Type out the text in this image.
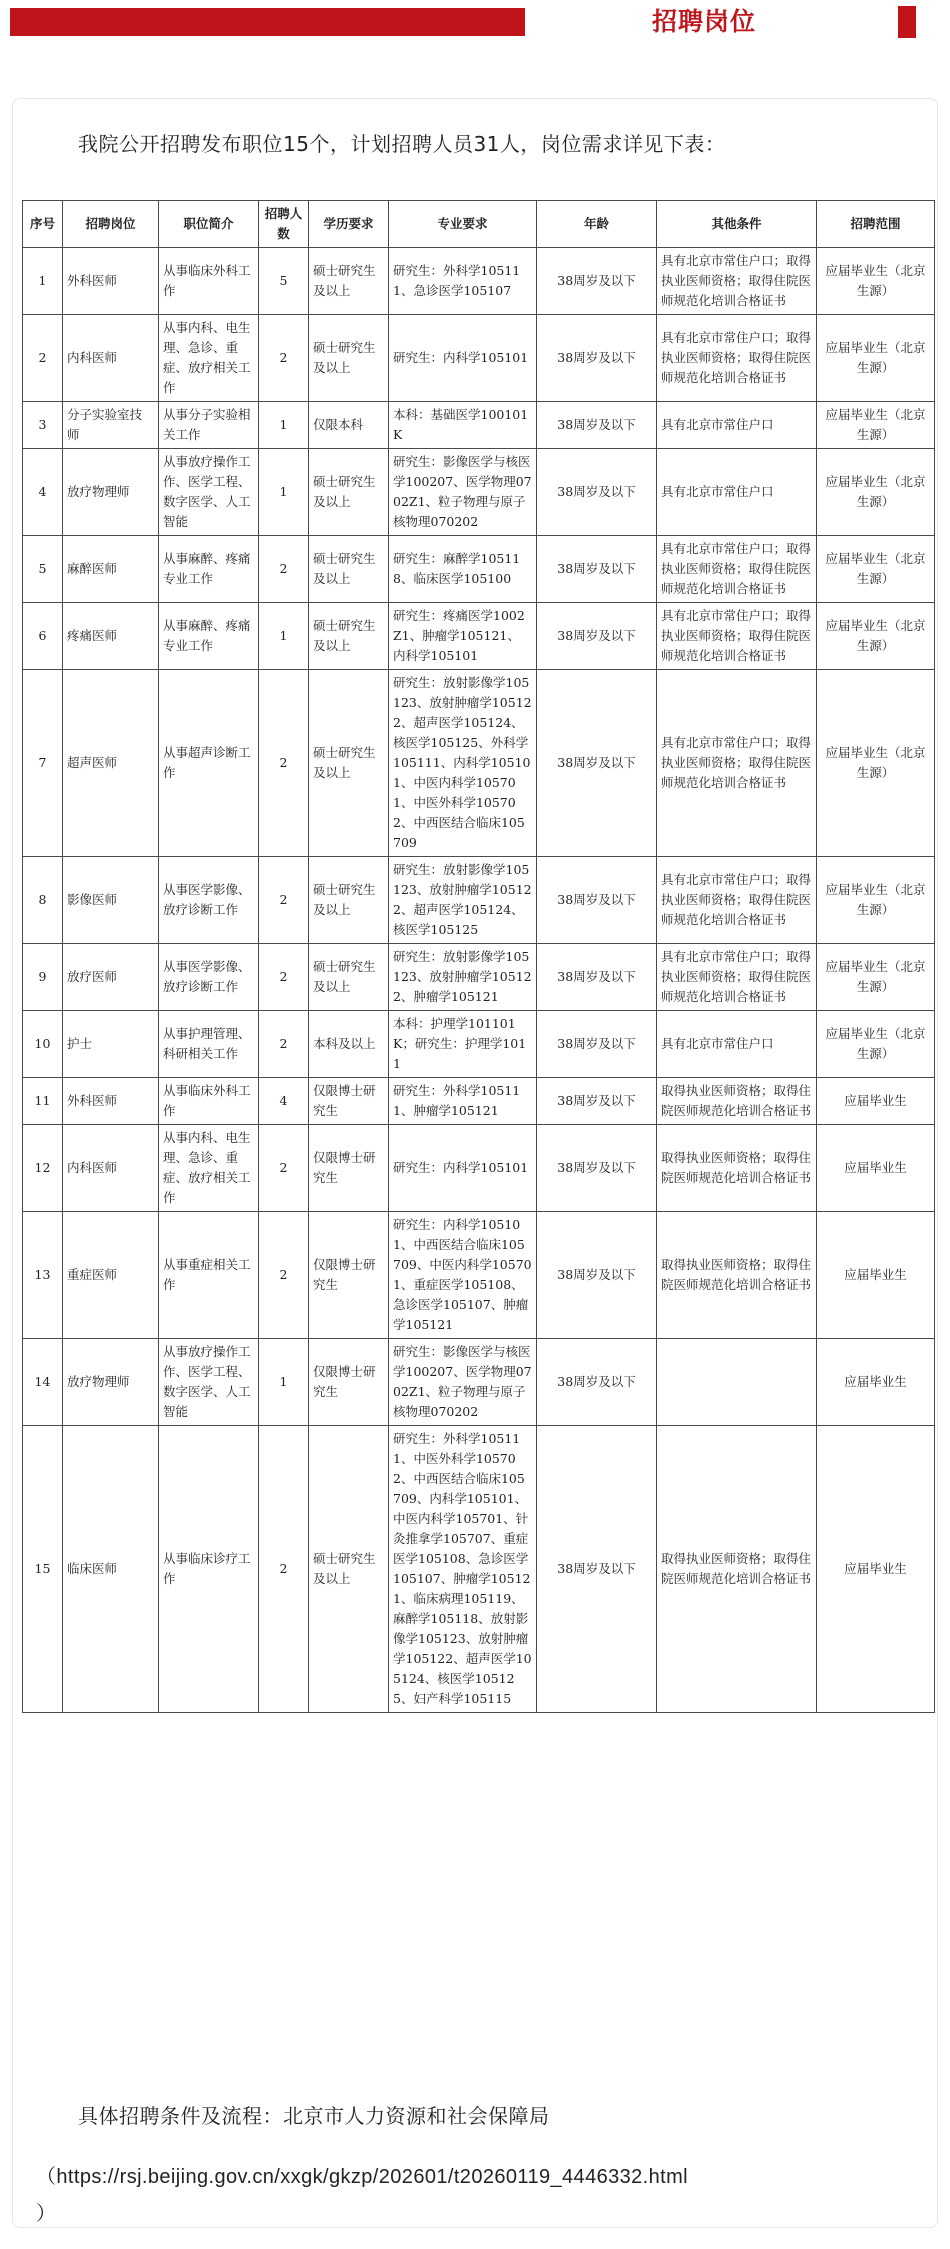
招聘岗位
我院公开招聘发布职位15个，计划招聘人员31人，岗位需求详见下表：
序号	招聘岗位	职位简介	招聘人数	学历要求	专业要求	年龄	其他条件	招聘范围
1	外科医师	从事临床外科工作	5	硕士研究生及以上	研究生：外科学105111、急诊医学105107	38周岁及以下	具有北京市常住户口；取得执业医师资格；取得住院医师规范化培训合格证书	应届毕业生（北京生源）
2	内科医师	从事内科、电生理、急诊、重症、放疗相关工作	2	硕士研究生及以上	研究生：内科学105101	38周岁及以下	具有北京市常住户口；取得执业医师资格；取得住院医师规范化培训合格证书	应届毕业生（北京生源）
3	分子实验室技师	从事分子实验相关工作	1	仅限本科	本科：基础医学100101K	38周岁及以下	具有北京市常住户口	应届毕业生（北京生源）
4	放疗物理师	从事放疗操作工作、医学工程、数字医学、人工智能	1	硕士研究生及以上	研究生：影像医学与核医学100207、医学物理0702Z1、粒子物理与原子核物理070202	38周岁及以下	具有北京市常住户口	应届毕业生（北京生源）
5	麻醉医师	从事麻醉、疼痛专业工作	2	硕士研究生及以上	研究生：麻醉学105118、临床医学105100	38周岁及以下	具有北京市常住户口；取得执业医师资格；取得住院医师规范化培训合格证书	应届毕业生（北京生源）
6	疼痛医师	从事麻醉、疼痛专业工作	1	硕士研究生及以上	研究生：疼痛医学1002Z1、肿瘤学105121、内科学105101	38周岁及以下	具有北京市常住户口；取得执业医师资格；取得住院医师规范化培训合格证书	应届毕业生（北京生源）
7	超声医师	从事超声诊断工作	2	硕士研究生及以上	研究生：放射影像学105123、放射肿瘤学105122、超声医学105124、核医学105125、外科学105111、内科学105101、中医内科学105701、中医外科学105702、中西医结合临床105709	38周岁及以下	具有北京市常住户口；取得执业医师资格；取得住院医师规范化培训合格证书	应届毕业生（北京生源）
8	影像医师	从事医学影像、放疗诊断工作	2	硕士研究生及以上	研究生：放射影像学105123、放射肿瘤学105122、超声医学105124、核医学105125	38周岁及以下	具有北京市常住户口；取得执业医师资格；取得住院医师规范化培训合格证书	应届毕业生（北京生源）
9	放疗医师	从事医学影像、放疗诊断工作	2	硕士研究生及以上	研究生：放射影像学105123、放射肿瘤学105122、肿瘤学105121	38周岁及以下	具有北京市常住户口；取得执业医师资格；取得住院医师规范化培训合格证书	应届毕业生（北京生源）
10	护士	从事护理管理、科研相关工作	2	本科及以上	本科：护理学101101K；研究生：护理学1011	38周岁及以下	具有北京市常住户口	应届毕业生（北京生源）
11	外科医师	从事临床外科工作	4	仅限博士研究生	研究生：外科学105111、肿瘤学105121	38周岁及以下	取得执业医师资格；取得住院医师规范化培训合格证书	应届毕业生
12	内科医师	从事内科、电生理、急诊、重症、放疗相关工作	2	仅限博士研究生	研究生：内科学105101	38周岁及以下	取得执业医师资格；取得住院医师规范化培训合格证书	应届毕业生
13	重症医师	从事重症相关工作	2	仅限博士研究生	研究生：内科学105101、中西医结合临床105709、中医内科学105701、重症医学105108、急诊医学105107、肿瘤学105121	38周岁及以下	取得执业医师资格；取得住院医师规范化培训合格证书	应届毕业生
14	放疗物理师	从事放疗操作工作、医学工程、数字医学、人工智能	1	仅限博士研究生	研究生：影像医学与核医学100207、医学物理0702Z1、粒子物理与原子核物理070202	38周岁及以下		应届毕业生
15	临床医师	从事临床诊疗工作	2	硕士研究生及以上	研究生：外科学105111、中医外科学105702、中西医结合临床105709、内科学105101、中医内科学105701、针灸推拿学105707、重症医学105108、急诊医学105107、肿瘤学105121、临床病理105119、麻醉学105118、放射影像学105123、放射肿瘤学105122、超声医学105124、核医学105125、妇产科学105115	38周岁及以下	取得执业医师资格；取得住院医师规范化培训合格证书	应届毕业生
具体招聘条件及流程：北京市人力资源和社会保障局
（https://rsj.beijing.gov.cn/xxgk/gkzp/202601/t20260119_4446332.html
）
